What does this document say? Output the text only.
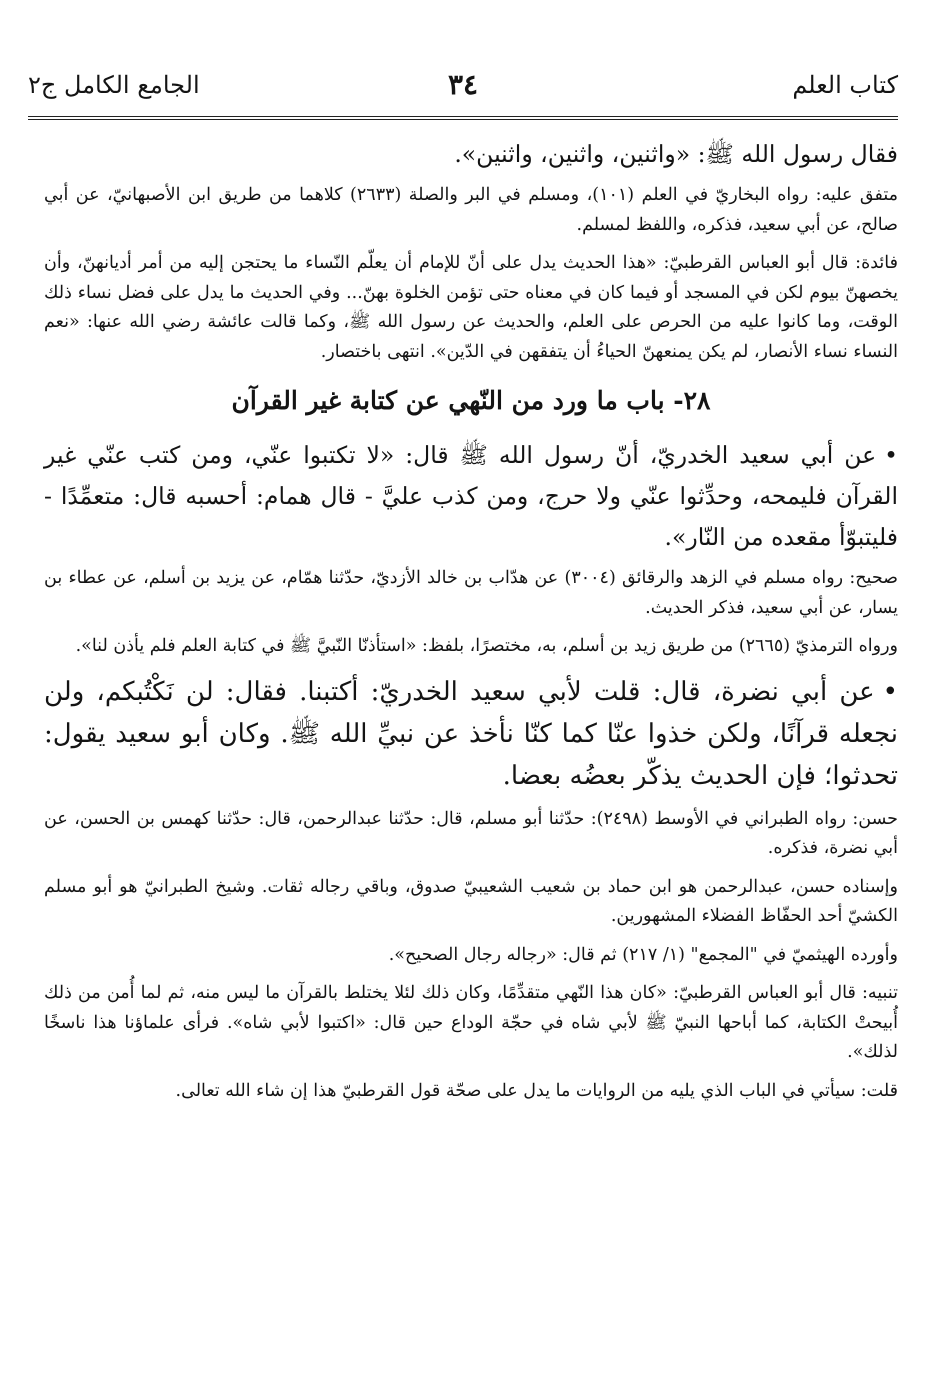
كتاب العلم
٣٤
الجامع الكامل ج٢

فقال رسول الله ﷺ: «واثنين، واثنين، واثنين».

متفق عليه: رواه البخاريّ في العلم (١٠١)، ومسلم في البر والصلة (٢٦٣٣) كلاهما من طريق ابن الأصبهانيّ، عن أبي صالح، عن أبي سعيد، فذكره، واللفظ لمسلم.

فائدة: قال أبو العباس القرطبيّ: «هذا الحديث يدل على أنّ للإمام أن يعلّم النّساء ما يحتجن إليه من أمر أديانهنّ، وأن يخصهنّ بيوم لكن في المسجد أو فيما كان في معناه حتى تؤمن الخلوة بهنّ... وفي الحديث ما يدل على فضل نساء ذلك الوقت، وما كانوا عليه من الحرص على العلم، والحديث عن رسول الله ﷺ، وكما قالت عائشة رضي الله عنها: «نعم النساء نساء الأنصار، لم يكن يمنعهنّ الحياءُ أن يتفقهن في الدّين». انتهى باختصار.

٢٨- باب ما ورد من النّهي عن كتابة غير القرآن

•عن أبي سعيد الخدريّ، أنّ رسول الله ﷺ قال: «لا تكتبوا عنّي، ومن كتب عنّي غير القرآن فليمحه، وحدِّثوا عنّي ولا حرج، ومن كذب عليَّ - قال همام: أحسبه قال: متعمِّدًا - فليتبوّأ مقعده من النّار».

صحيح: رواه مسلم في الزهد والرقائق (٣٠٠٤) عن هدّاب بن خالد الأزديّ، حدّثنا همّام، عن يزيد بن أسلم، عن عطاء بن يسار، عن أبي سعيد، فذكر الحديث.

ورواه الترمذيّ (٢٦٦٥) من طريق زيد بن أسلم، به، مختصرًا، بلفظ: «استأذنّا النّبيَّ ﷺ في كتابة العلم فلم يأذن لنا».

•عن أبي نضرة، قال: قلت لأبي سعيد الخدريّ: أكتبنا. فقال: لن نَكْتُبكم، ولن نجعله قرآنًا، ولكن خذوا عنّا كما كنّا نأخذ عن نبيِّ الله ﷺ. وكان أبو سعيد يقول: تحدثوا؛ فإن الحديث يذكّر بعضُه بعضا.

حسن: رواه الطبراني في الأوسط (٢٤٩٨): حدّثنا أبو مسلم، قال: حدّثنا عبدالرحمن، قال: حدّثنا كهمس بن الحسن، عن أبي نضرة، فذكره.

وإسناده حسن، عبدالرحمن هو ابن حماد بن شعيب الشعيبيّ صدوق، وباقي رجاله ثقات. وشيخ الطبرانيّ هو أبو مسلم الكشيّ أحد الحفّاظ الفضلاء المشهورين.

وأورده الهيثميّ في "المجمع" (١/ ٢١٧) ثم قال: «رجاله رجال الصحيح».

تنبيه: قال أبو العباس القرطبيّ: «كان هذا النّهي متقدِّمًا، وكان ذلك لئلا يختلط بالقرآن ما ليس منه، ثم لما أُمن من ذلك أُبيحتْ الكتابة، كما أباحها النبيّ ﷺ لأبي شاه في حجّة الوداع حين قال: «اكتبوا لأبي شاه». فرأى علماؤنا هذا ناسخًا لذلك».

قلت: سيأتي في الباب الذي يليه من الروايات ما يدل على صحّة قول القرطبيّ هذا إن شاء الله تعالى.
